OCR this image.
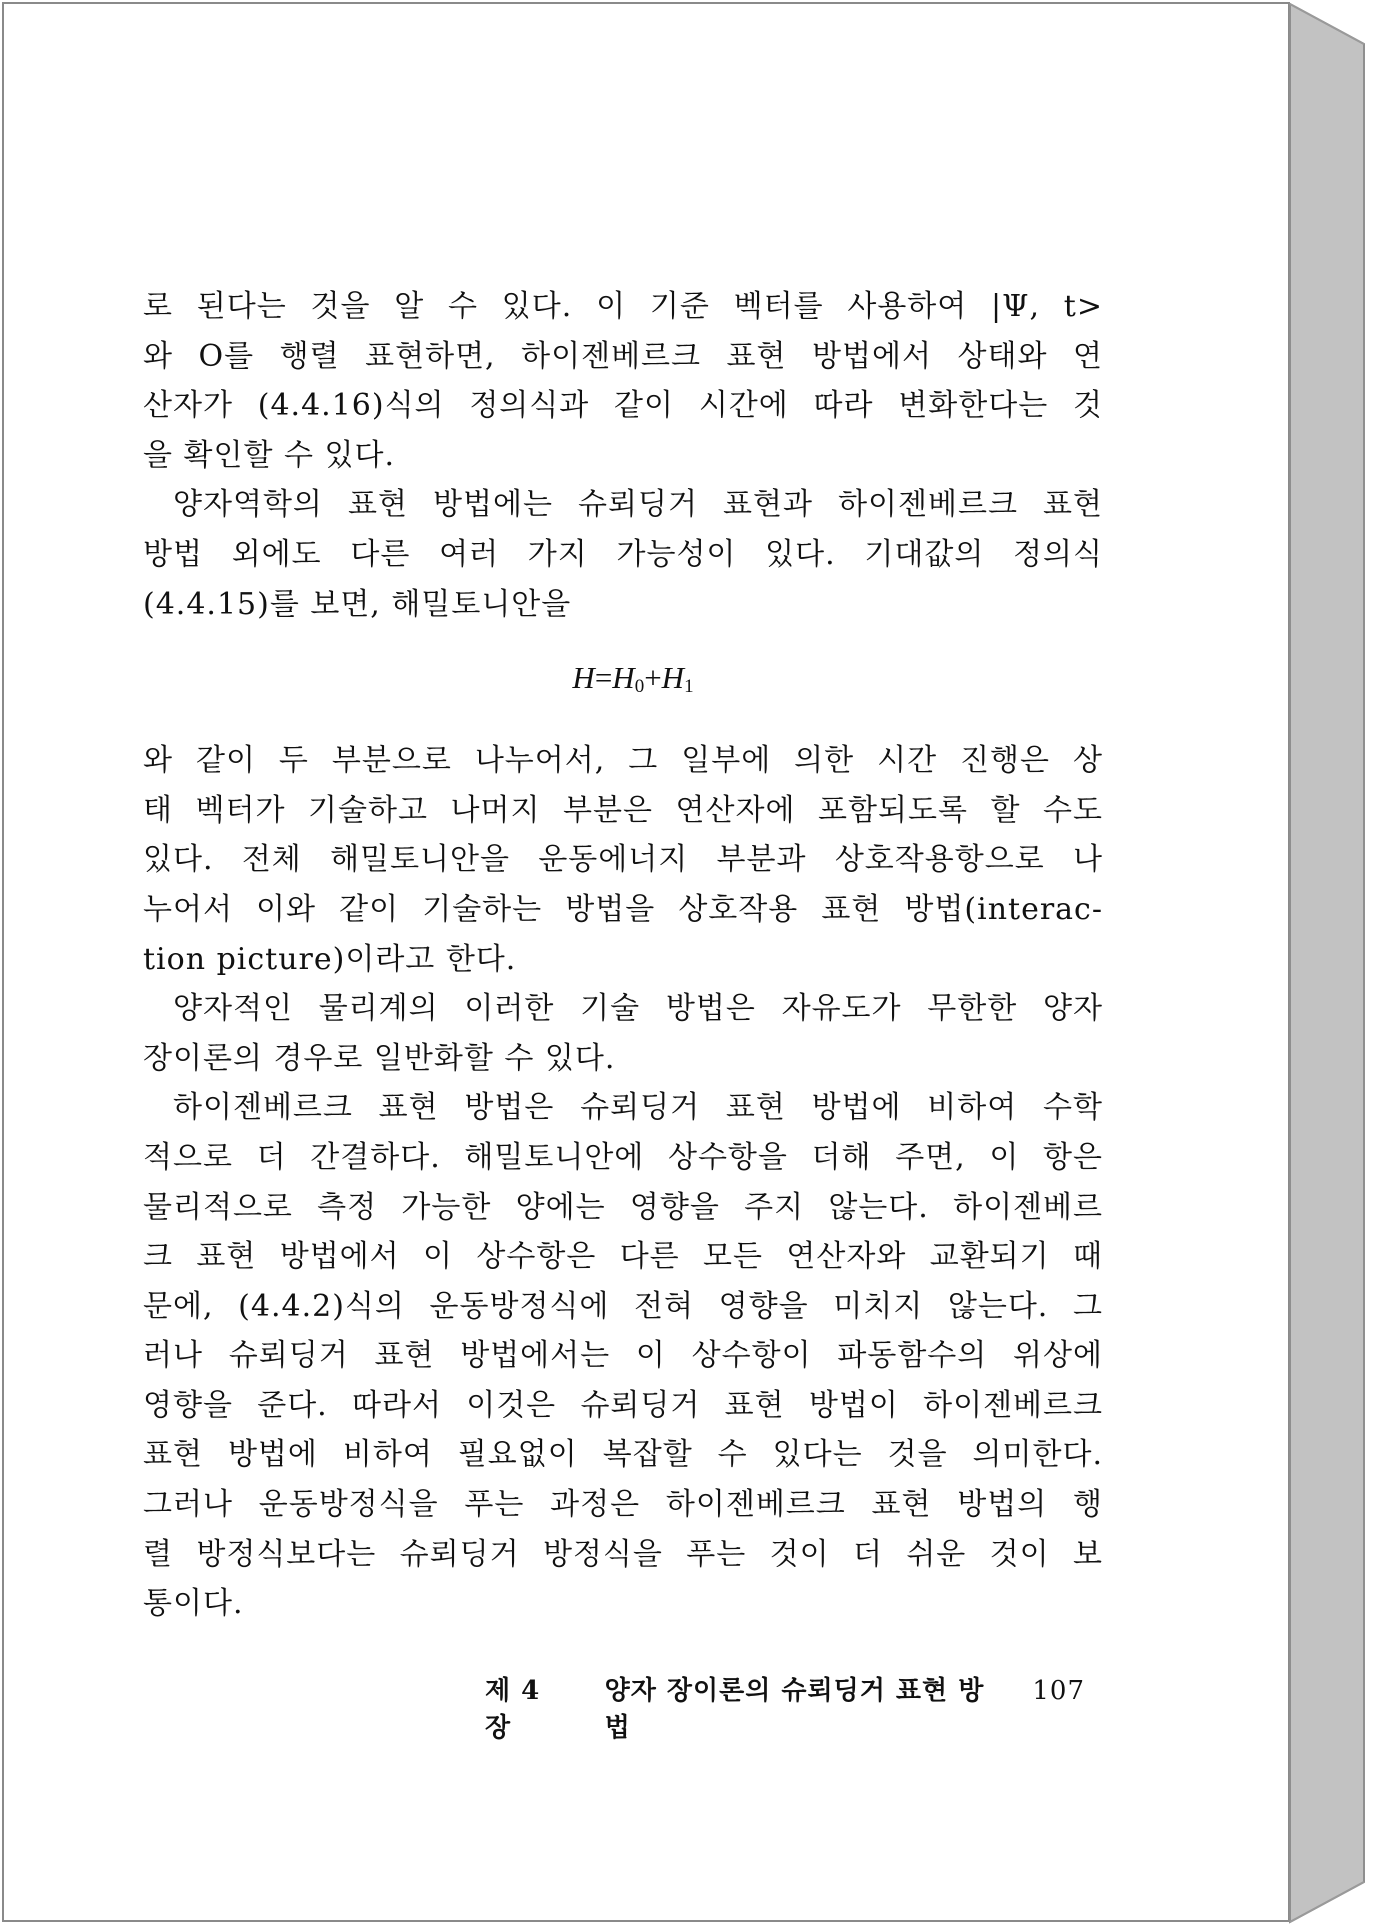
로 된다는 것을 알 수 있다. 이 기준 벡터를 사용하여 |Ψ, t>

와 O를 행렬 표현하면, 하이젠베르크 표현 방법에서 상태와 연

산자가 (4.4.16)식의 정의식과 같이 시간에 따라 변화한다는 것

을 확인할 수 있다.

양자역학의 표현 방법에는 슈뢰딩거 표현과 하이젠베르크 표현

방법 외에도 다른 여러 가지 가능성이 있다. 기대값의 정의식

(4.4.15)를 보면, 해밀토니안을

$H=H_0+H_1$

와 같이 두 부분으로 나누어서, 그 일부에 의한 시간 진행은 상

태 벡터가 기술하고 나머지 부분은 연산자에 포함되도록 할 수도

있다. 전체 해밀토니안을 운동에너지 부분과 상호작용항으로 나

누어서 이와 같이 기술하는 방법을 상호작용 표현 방법(interac-

tion picture)이라고 한다.

양자적인 물리계의 이러한 기술 방법은 자유도가 무한한 양자

장이론의 경우로 일반화할 수 있다.

하이젠베르크 표현 방법은 슈뢰딩거 표현 방법에 비하여 수학

적으로 더 간결하다. 해밀토니안에 상수항을 더해 주면, 이 항은

물리적으로 측정 가능한 양에는 영향을 주지 않는다. 하이젠베르

크 표현 방법에서 이 상수항은 다른 모든 연산자와 교환되기 때

문에, (4.4.2)식의 운동방정식에 전혀 영향을 미치지 않는다. 그

러나 슈뢰딩거 표현 방법에서는 이 상수항이 파동함수의 위상에

영향을 준다. 따라서 이것은 슈뢰딩거 표현 방법이 하이젠베르크

표현 방법에 비하여 필요없이 복잡할 수 있다는 것을 의미한다.

그러나 운동방정식을 푸는 과정은 하이젠베르크 표현 방법의 행

렬 방정식보다는 슈뢰딩거 방정식을 푸는 것이 더 쉬운 것이 보

통이다.

제 4 장
양자 장이론의 슈뢰딩거 표현 방법
107
